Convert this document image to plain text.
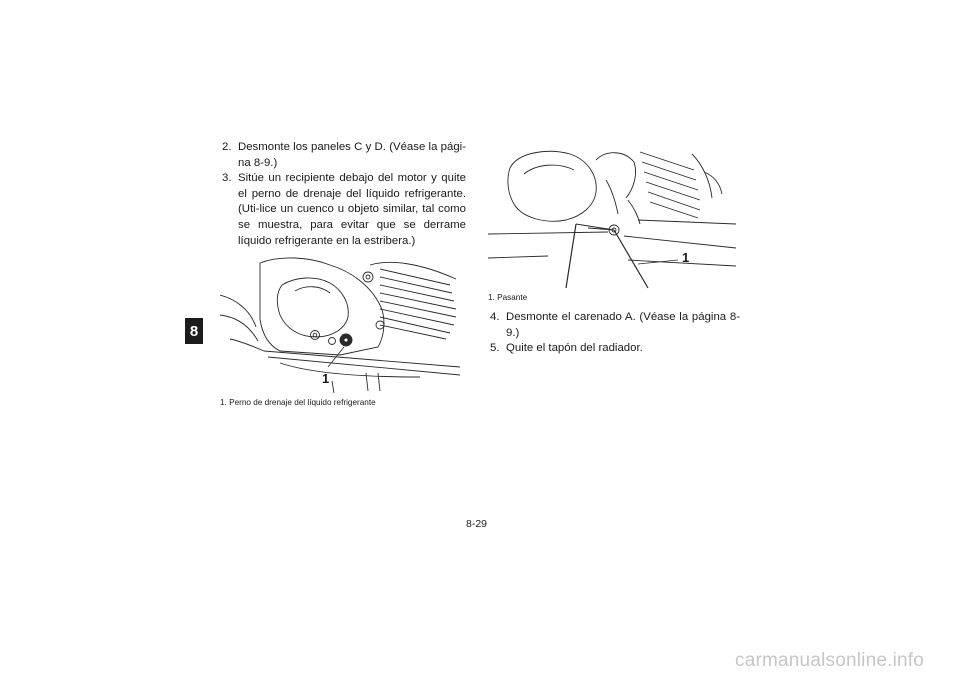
8
2. Desmonte los paneles C y D. (Véase la pági-na 8-9.)
3. Sitúe un recipiente debajo del motor y quite el perno de drenaje del líquido refrigerante. (Uti-lice un cuenco u objeto similar, tal como se muestra, para evitar que se derrame líquido refrigerante en la estribera.)
1

1. Perno de drenaje del líquido refrigerante

1

1. Pasante

4. Desmonte el carenado A. (Véase la página 8-9.)
5. Quite el tapón del radiador.
8-29
carmanualsonline.info
